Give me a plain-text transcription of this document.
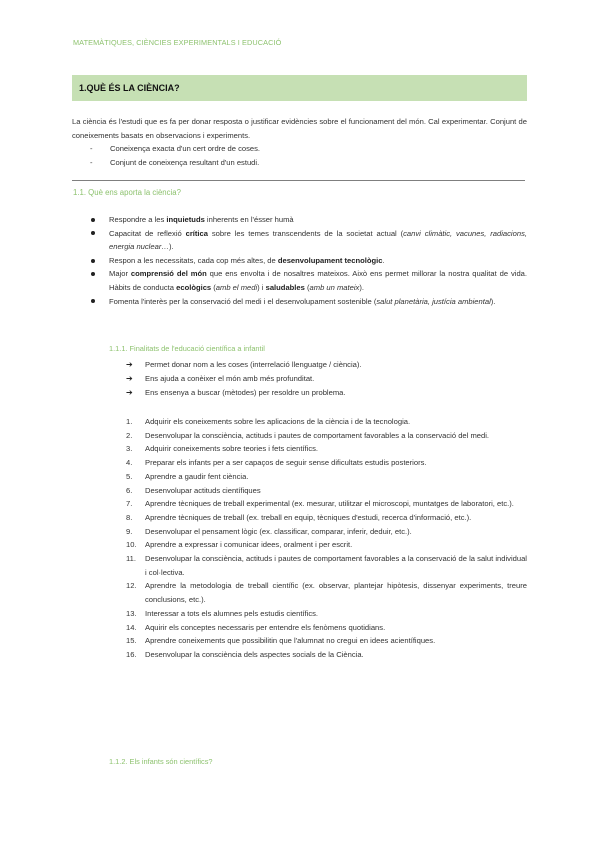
MATEMÀTIQUES, CIÈNCIES EXPERIMENTALS I EDUCACIÓ
1.QUÈ ÉS LA CIÈNCIA?
La ciència és l'estudi que es fa per donar resposta o justificar evidències sobre el funcionament del món. Cal experimentar. Conjunt de coneixements basats en observacions i experiments.
- Coneixença exacta d'un cert ordre de coses.
- Conjunt de coneixença resultant d'un estudi.
1.1. Què ens aporta la ciència?
Respondre a les inquietuds inherents en l'ésser humà
Capacitat de reflexió crítica sobre les temes transcendents de la societat actual (canvi climàtic, vacunes, radiacions, energia nuclear…).
Respon a les necessitats, cada cop més altes, de desenvolupament tecnològic.
Major comprensió del món que ens envolta i de nosaltres mateixos. Això ens permet millorar la nostra qualitat de vida. Hàbits de conducta ecològics (amb el medi) i saludables (amb un mateix).
Fomenta l'interès per la conservació del medi i el desenvolupament sostenible (salut planetària, justícia ambiental).
1.1.1. Finalitats de l'educació científica a infantil
➔ Permet donar nom a les coses (interrelació llenguatge / ciència).
➔ Ens ajuda a conèixer el món amb més profunditat.
➔ Ens ensenya a buscar (mètodes) per resoldre un problema.
1. Adquirir els coneixements sobre les aplicacions de la ciència i de la tecnologia.
2. Desenvolupar la consciència, actituds i pautes de comportament favorables a la conservació del medi.
3. Adquirir coneixements sobre teories i fets científics.
4. Preparar els infants per a ser capaços de seguir sense dificultats estudis posteriors.
5. Aprendre a gaudir fent ciència.
6. Desenvolupar actituds científiques
7. Aprendre tècniques de treball experimental (ex. mesurar, utilitzar el microscopi, muntatges de laboratori, etc.).
8. Aprendre tècniques de treball (ex. treball en equip, tècniques d'estudi, recerca d'informació, etc.).
9. Desenvolupar el pensament lògic (ex. classificar, comparar, inferir, deduir, etc.).
10. Aprendre a expressar i comunicar idees, oralment i per escrit.
11. Desenvolupar la consciència, actituds i pautes de comportament favorables a la conservació de la salut individual i col·lectiva.
12. Aprendre la metodologia de treball científic (ex. observar, plantejar hipòtesis, dissenyar experiments, treure conclusions, etc.).
13. Interessar a tots els alumnes pels estudis científics.
14. Aquirir els conceptes necessaris per entendre els fenòmens quotidians.
15. Aprendre coneixements que possibilitin que l'alumnat no cregui en idees acientífiques.
16. Desenvolupar la consciència dels aspectes socials de la Ciència.
1.1.2. Els infants són científics?
